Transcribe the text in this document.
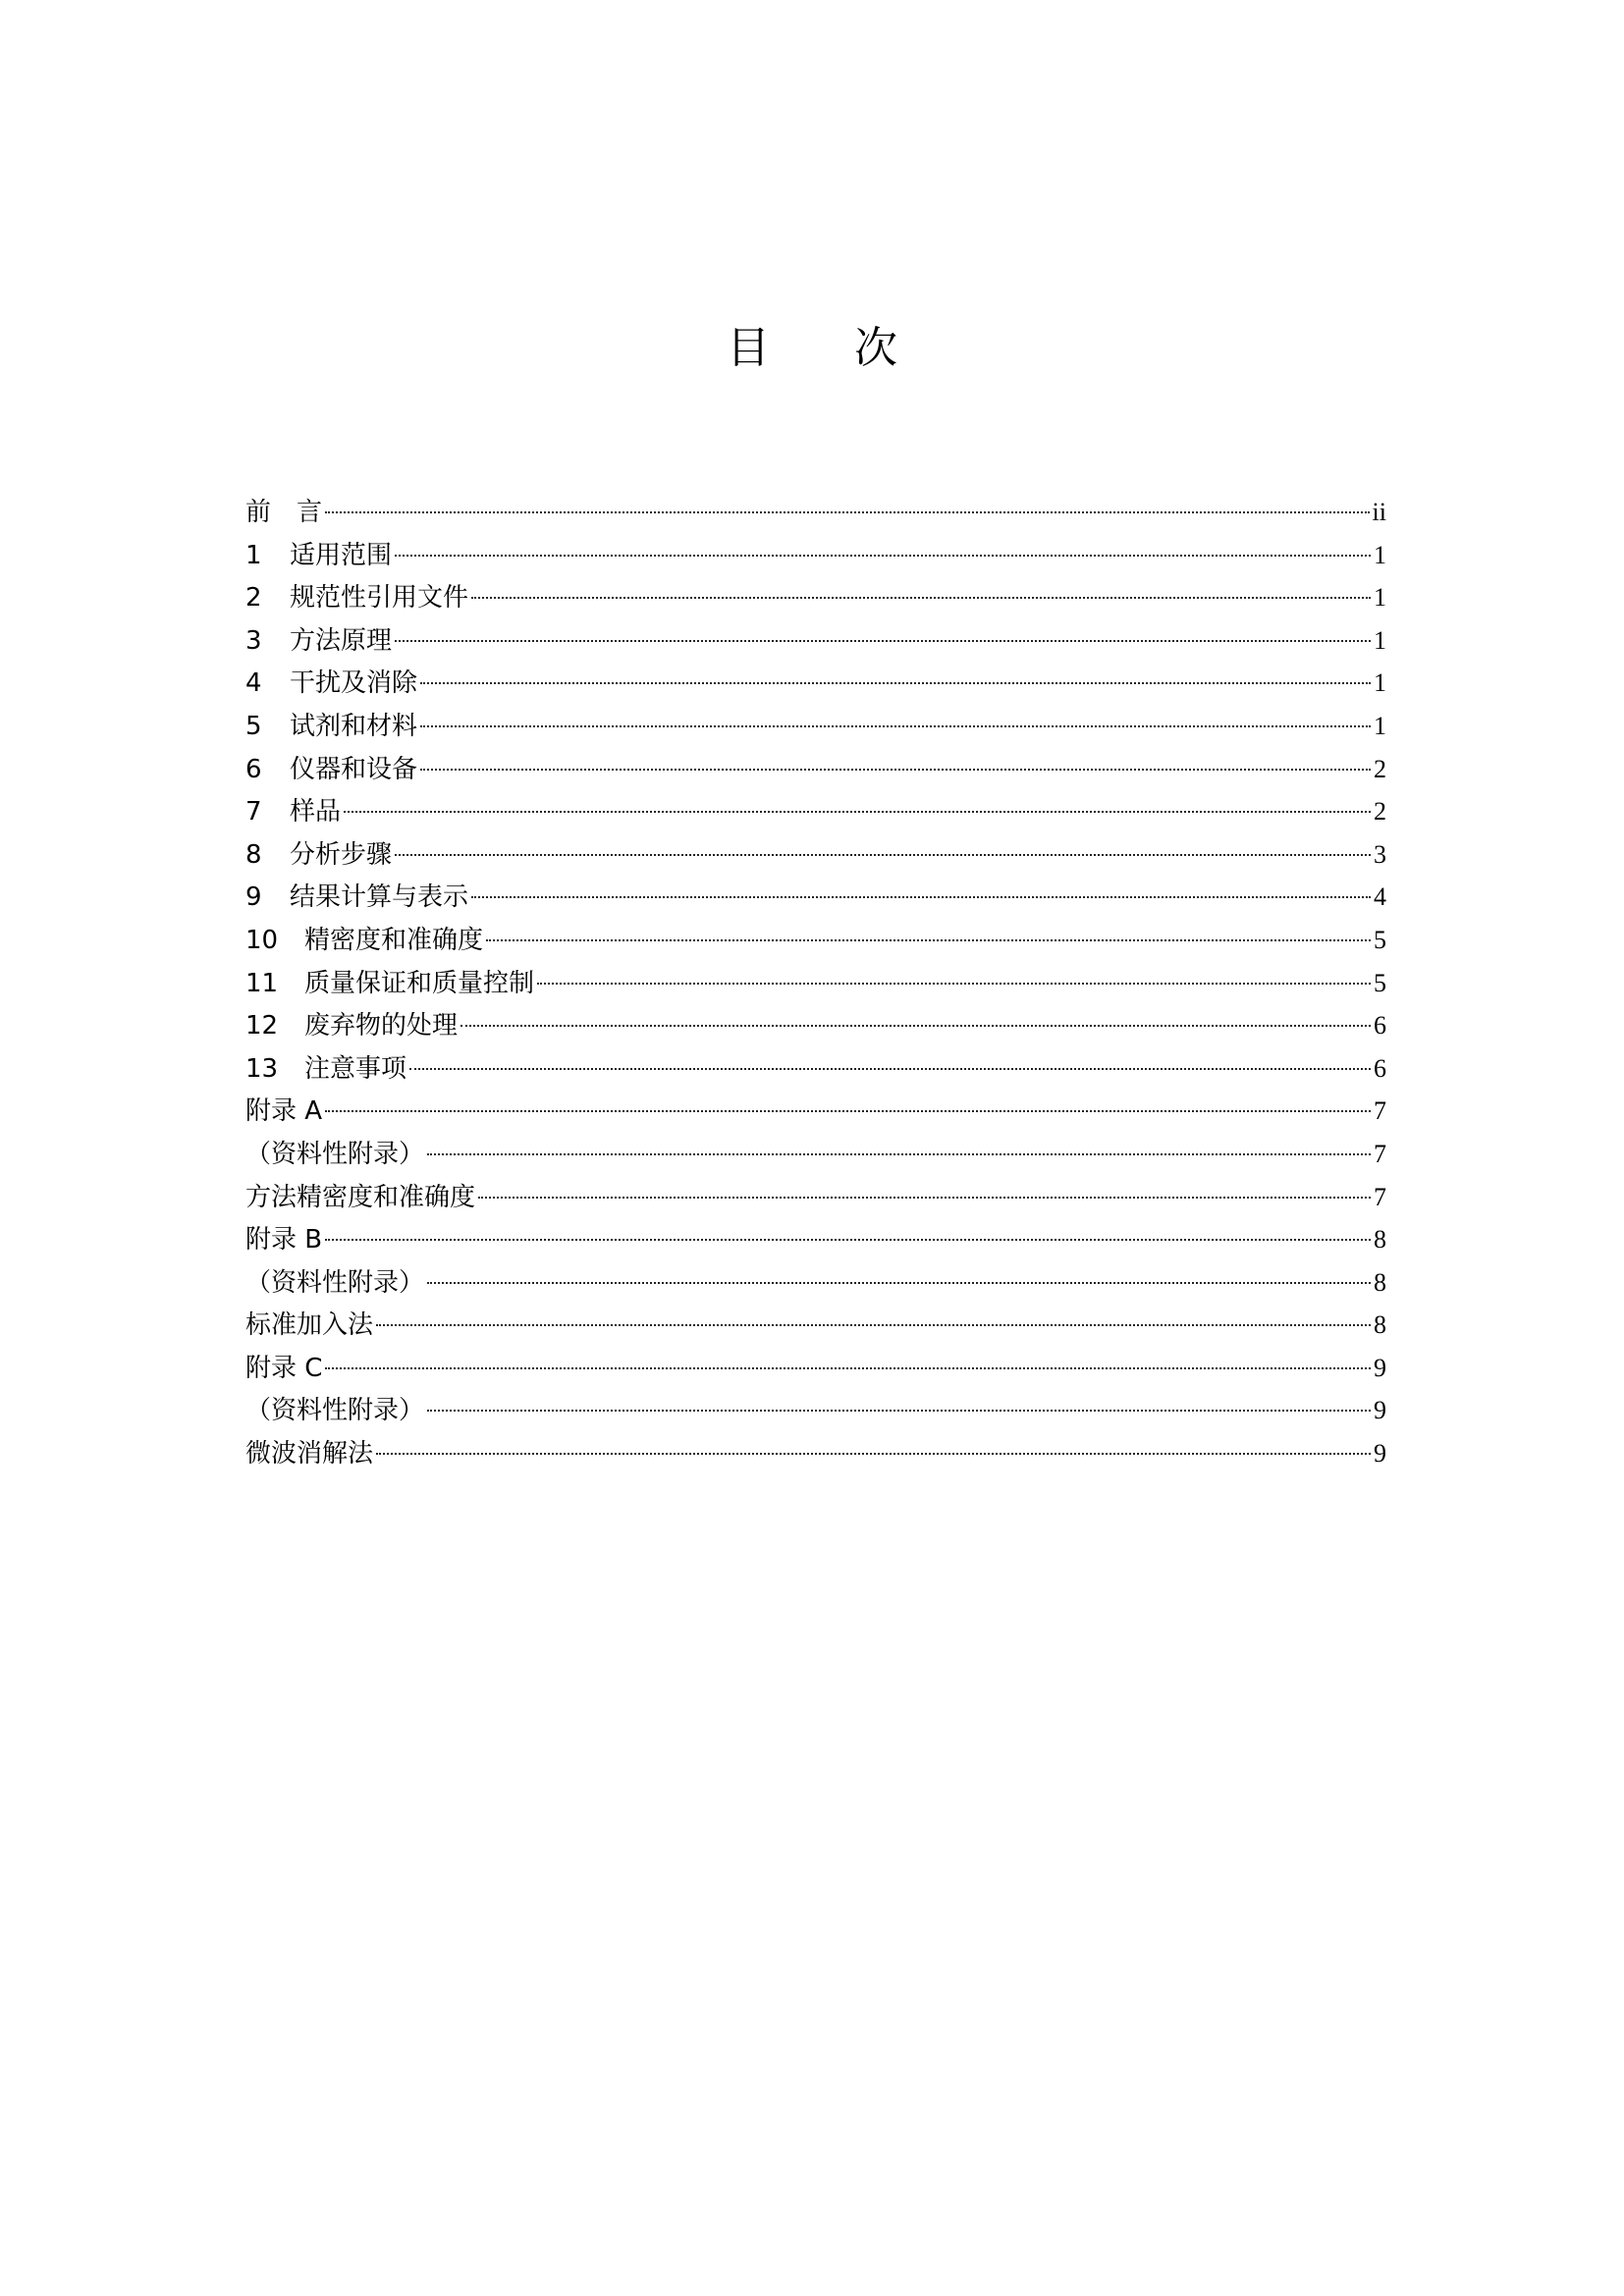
目次
前　言	ii
1	适用范围	1
2	规范性引用文件	1
3	方法原理	1
4	干扰及消除	1
5	试剂和材料	1
6	仪器和设备	2
7	样品	2
8	分析步骤	3
9	结果计算与表示	4
10	精密度和准确度	5
11	质量保证和质量控制	5
12	废弃物的处理	6
13	注意事项	6
附录 A	7
（资料性附录）	7
方法精密度和准确度	7
附录 B	8
（资料性附录）	8
标准加入法	8
附录 C	9
（资料性附录）	9
微波消解法	9
